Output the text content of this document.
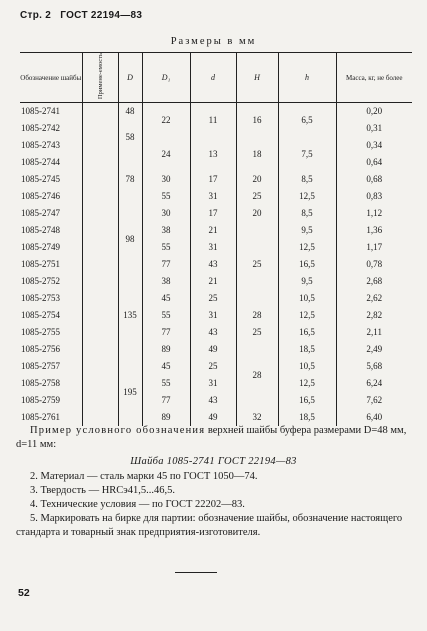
Стр. 2 ГОСТ 22194—83
Размеры в мм
Обозначение шайбы	Примене-емость	D	D₁	d	H	h	Масса, кг, не более
1085-2741		48	22	11	16	6,5	0,20
1085-2742		58					0,31
1085-2743			24	13	18	7,5	0,34
1085-2744		78					0,64
1085-2745			30	17	20	8,5	0,68
1085-2746			55	31	25	12,5	0,83
1085-2747		98	30	17	20	8,5	1,12
1085-2748			38	21	25	9,5	1,36
1085-2749			55	31		12,5	1,17
1085-2751			77	43		16,5	0,78
1085-2752		135	38	21		9,5	2,68
1085-2753			45	25		10,5	2,62
1085-2754			55	31	28	12,5	2,82
1085-2755			77	43	25	16,5	2,11
1085-2756			89	49	28	18,5	2,49
1085-2757		195	45	25		10,5	5,68
1085-2758			55	31		12,5	6,24
1085-2759			77	43		16,5	7,62
1085-2761			89	49	32	18,5	6,40
Пример условного обозначения верхней шайбы буфера размерами D=48 мм, d=11 мм:
Шайба 1085-2741 ГОСТ 22194—83
2. Материал — сталь марки 45 по ГОСТ 1050—74.
3. Твердость — HRCэ41,5...46,5.
4. Технические условия — по ГОСТ 22202—83.
5. Маркировать на бирке для партии: обозначение шайбы, обозначение настоящего стандарта и товарный знак предприятия-изготовителя.
52
